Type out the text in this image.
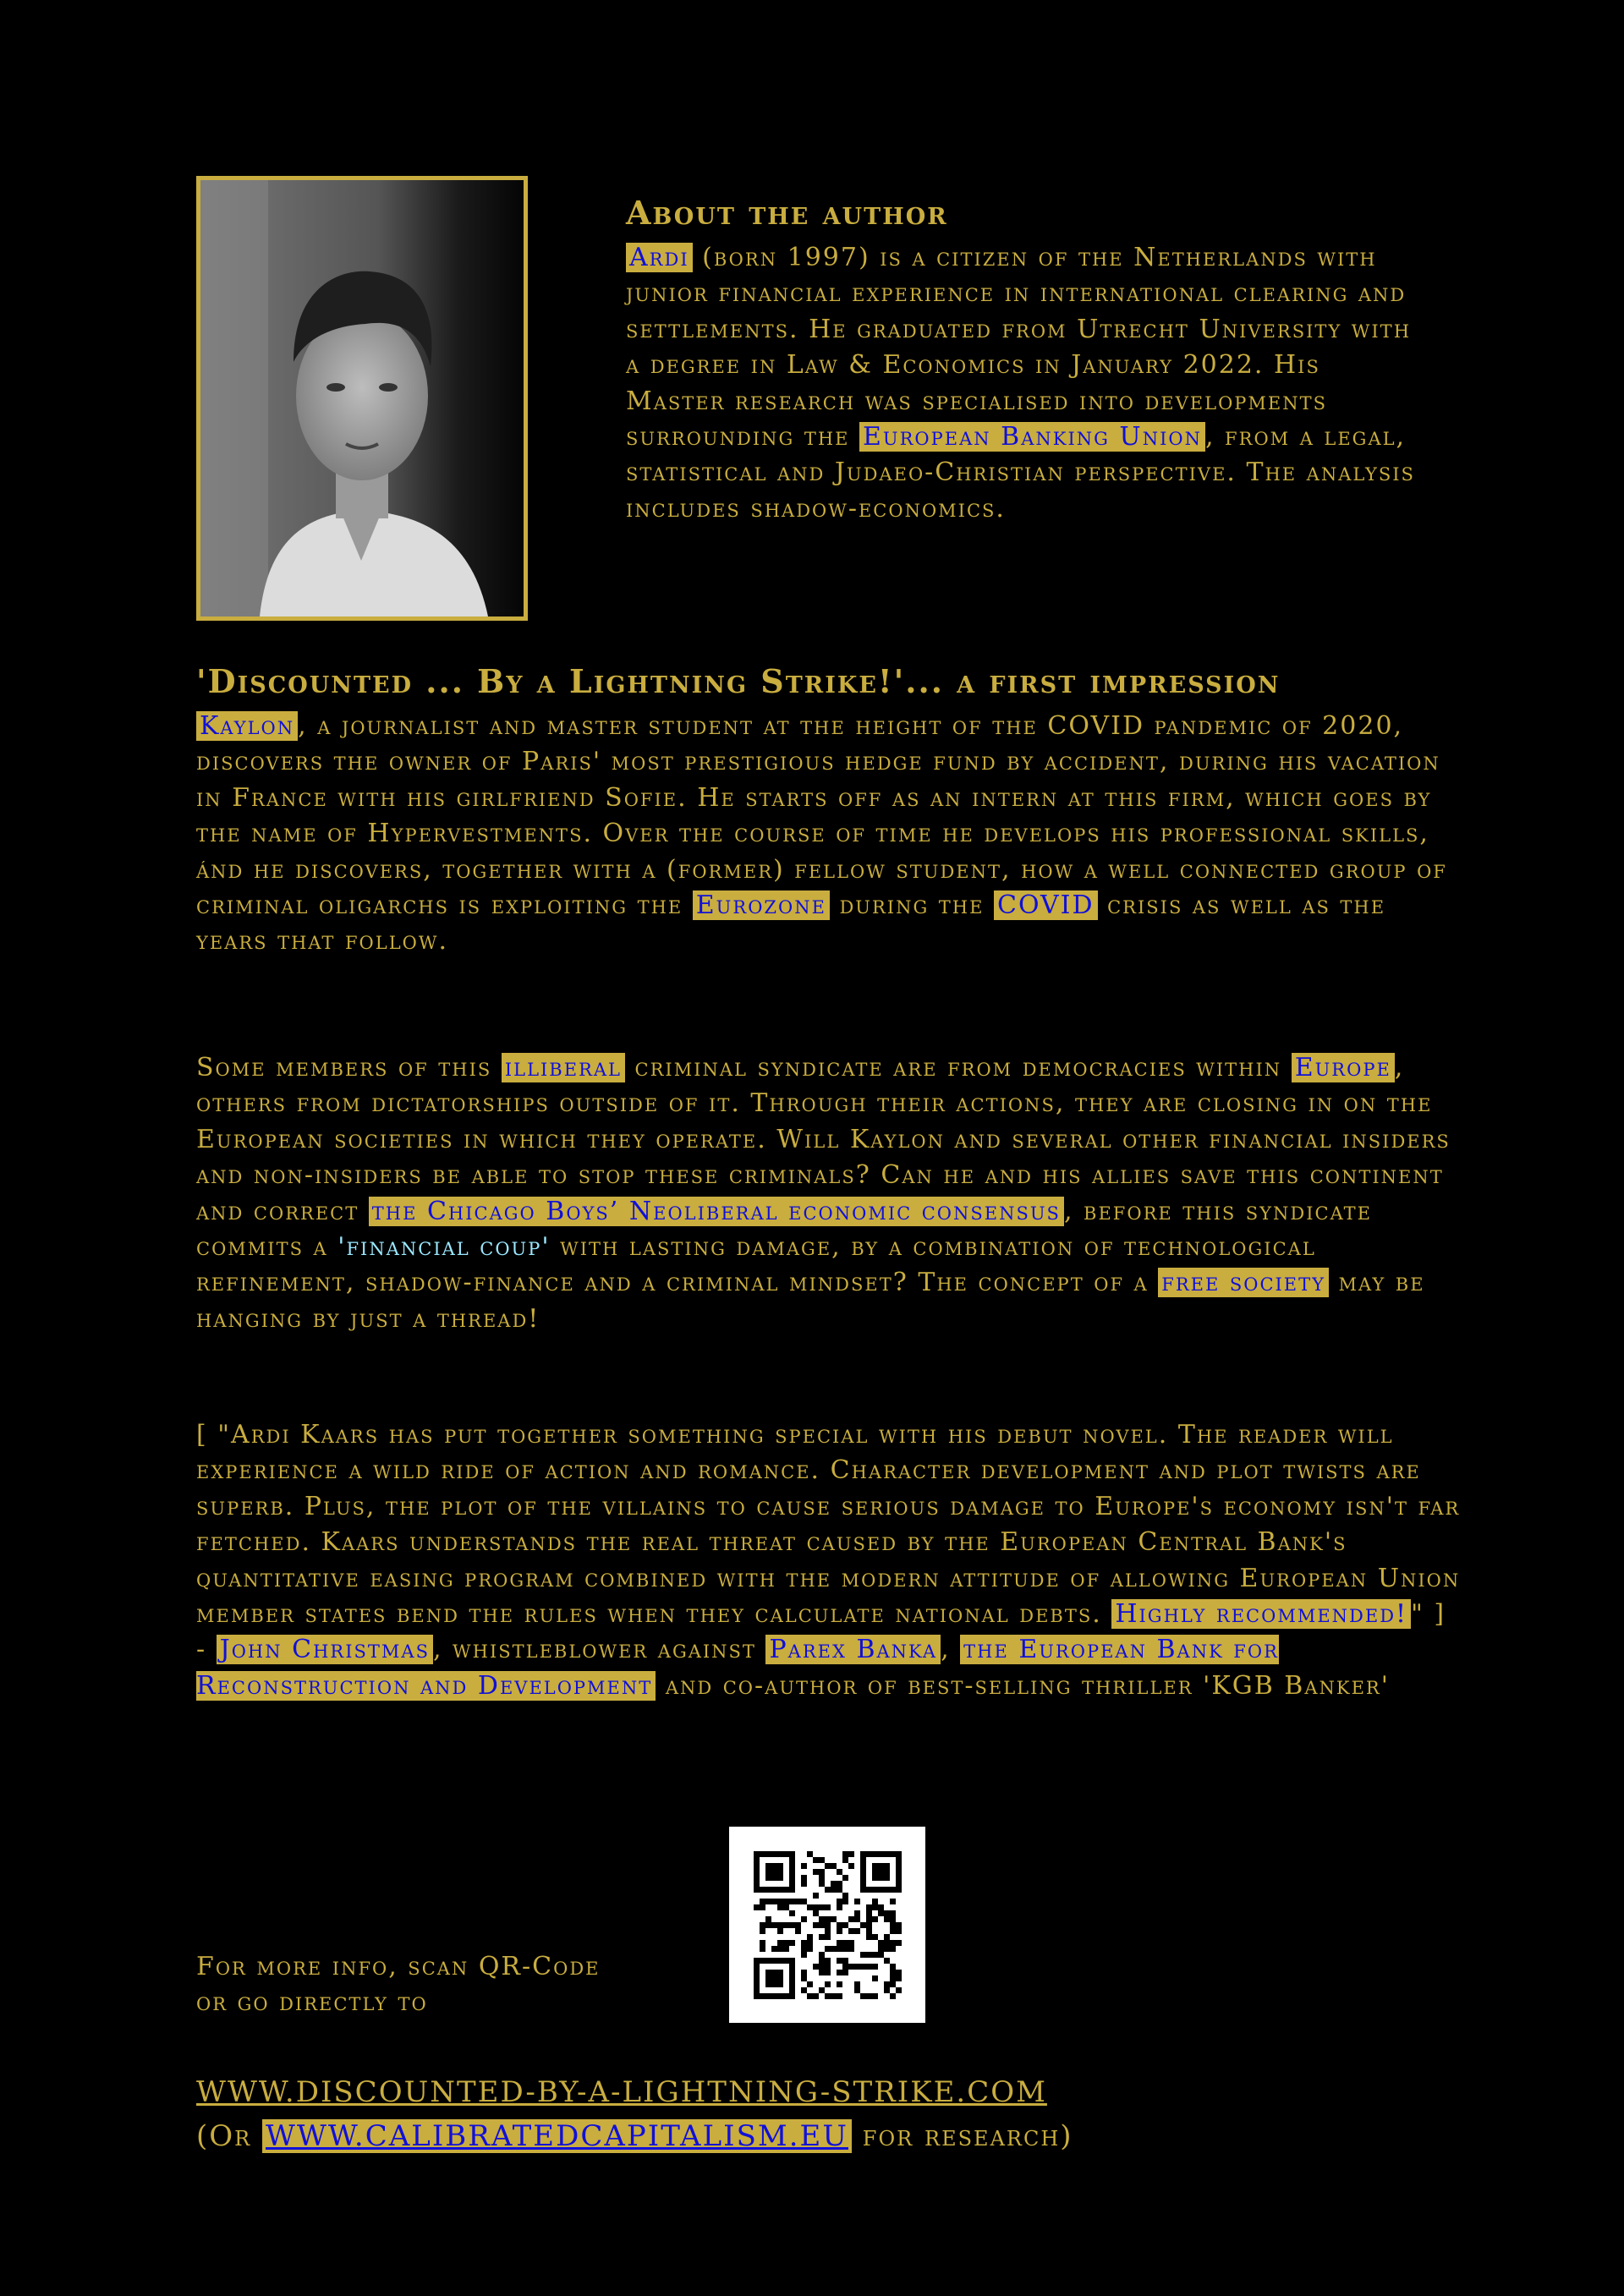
About the author

Ardi (born 1997) is a citizen of the Netherlands with junior financial experience in international clearing and settlements. He graduated from Utrecht University with a degree in Law & Economics in January 2022. His Master research was specialised into developments surrounding the European Banking Union , from a legal, statistical and Judaeo-Christian perspective. The analysis includes shadow-economics.

'Discounted ... By a Lightning Strike!'... a first impression

Kaylon , a journalist and master student at the height of the COVID pandemic of 2020, discovers the owner of Paris' most prestigious hedge fund by accident, during his vacation in France with his girlfriend Sofie. He starts off as an intern at this firm, which goes by the name of Hypervestments. Over the course of time he develops his professional skills, ánd he discovers, together with a (former) fellow student, how a well connected group of criminal oligarchs is exploiting the Eurozone during the COVID crisis as well as the years that follow.

Some members of this illiberal criminal syndicate are from democracies within Europe , others from dictatorships outside of it. Through their actions, they are closing in on the European societies in which they operate. Will Kaylon and several other financial insiders and non-insiders be able to stop these criminals? Can he and his allies save this continent and correct the Chicago Boys’ Neoliberal economic consensus , before this syndicate commits a 'financial coup' with lasting damage, by a combination of technological refinement, shadow-finance and a criminal mindset? The concept of a free society may be hanging by just a thread!

[ "Ardi Kaars has put together something special with his debut novel. The reader will experience a wild ride of action and romance. Character development and plot twists are superb. Plus, the plot of the villains to cause serious damage to Europe's economy isn't far fetched. Kaars understands the real threat caused by the European Central Bank's quantitative easing program combined with the modern attitude of allowing European Union member states bend the rules when they calculate national debts. Highly recommended! " ] - John Christmas , whistleblower against Parex Banka , the European Bank for Reconstruction and Development and co-author of best-selling thriller 'KGB Banker'

For more info, scan QR-Code
or go directly to

WWW.DISCOUNTED-BY-A-LIGHTNING-STRIKE.COM
(Or WWW.CALIBRATEDCAPITALISM.EU for research)
